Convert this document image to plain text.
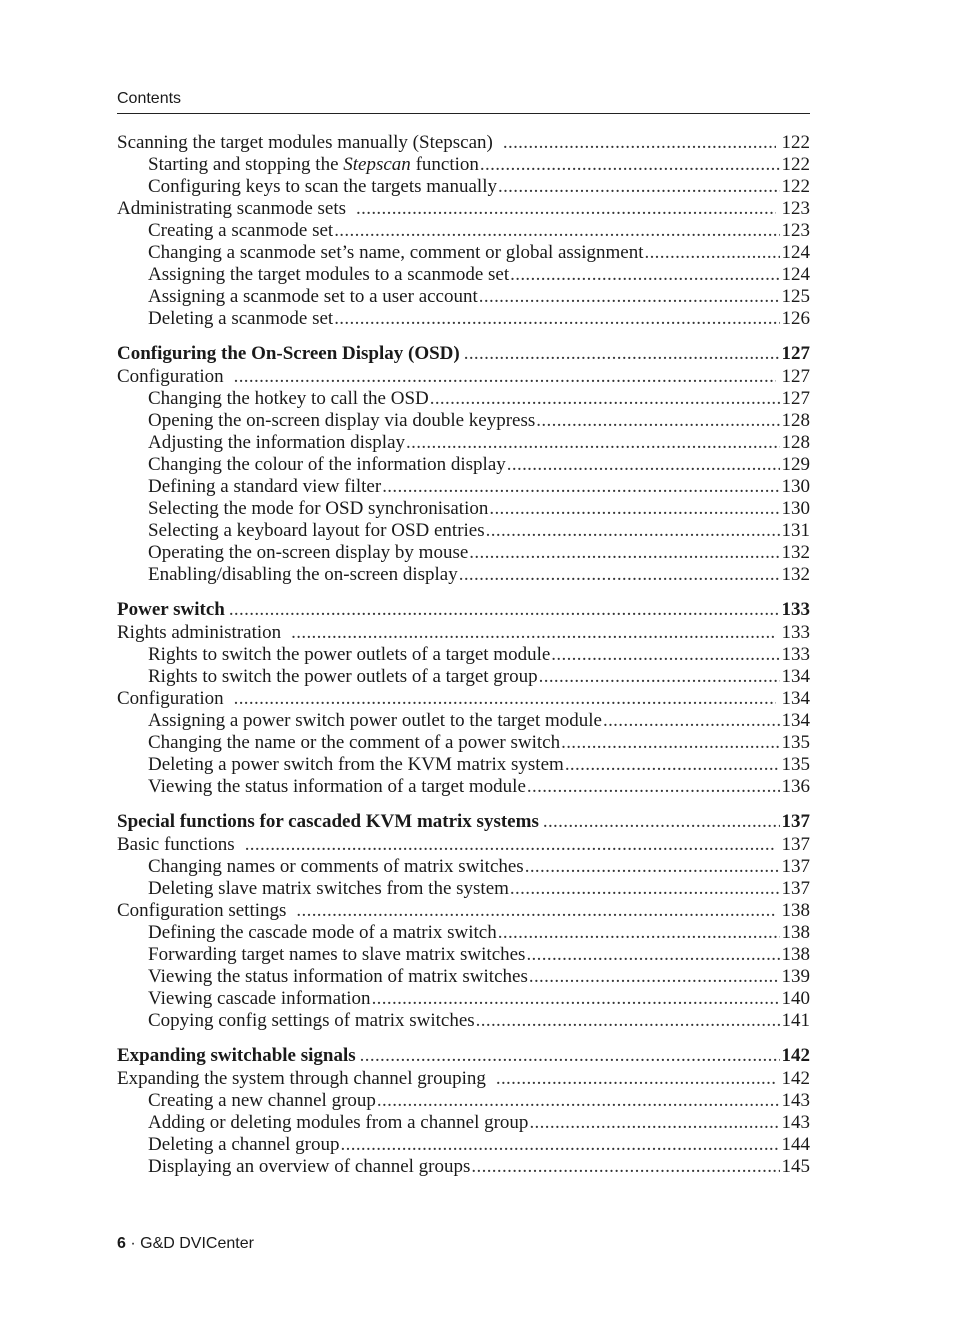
Contents
Scanning the target modules manually (Stepscan) . . .	122
Starting and stopping the Stepscan function . . .	122
Configuring keys to scan the targets manually . . .	122
Administrating scanmode sets . . .	123
Creating a scanmode set . . .	123
Changing a scanmode set’s name, comment or global assignment . . .	124
Assigning the target modules to a scanmode set . . .	124
Assigning a scanmode set to a user account . . .	125
Deleting a scanmode set . . .	126
Configuring the On-Screen Display (OSD) . . .	127
Configuration . . .	127
Changing the hotkey to call the OSD . . .	127
Opening the on-screen display via double keypress . . .	128
Adjusting the information display . . .	128
Changing the colour of the information display . . .	129
Defining a standard view filter . . .	130
Selecting the mode for OSD synchronisation . . .	130
Selecting a keyboard layout for OSD entries . . .	131
Operating the on-screen display by mouse . . .	132
Enabling/disabling the on-screen display . . .	132
Power switch . . .	133
Rights administration . . .	133
Rights to switch the power outlets of a target module . . .	133
Rights to switch the power outlets of a target group . . .	134
Configuration . . .	134
Assigning a power switch power outlet to the target module . . .	134
Changing the name or the comment of a power switch . . .	135
Deleting a power switch from the KVM matrix system . . .	135
Viewing the status information of a target module . . .	136
Special functions for cascaded KVM matrix systems . . .	137
Basic functions . . .	137
Changing names or comments of matrix switches . . .	137
Deleting slave matrix switches from the system . . .	137
Configuration settings . . .	138
Defining the cascade mode of a matrix switch . . .	138
Forwarding target names to slave matrix switches . . .	138
Viewing the status information of matrix switches . . .	139
Viewing cascade information . . .	140
Copying config settings of matrix switches . . .	141
Expanding switchable signals . . .	142
Expanding the system through channel grouping . . .	142
Creating a new channel group . . .	143
Adding or deleting modules from a channel group . . .	143
Deleting a channel group . . .	144
Displaying an overview of channel groups . . .	145
6 · G&D DVICenter
